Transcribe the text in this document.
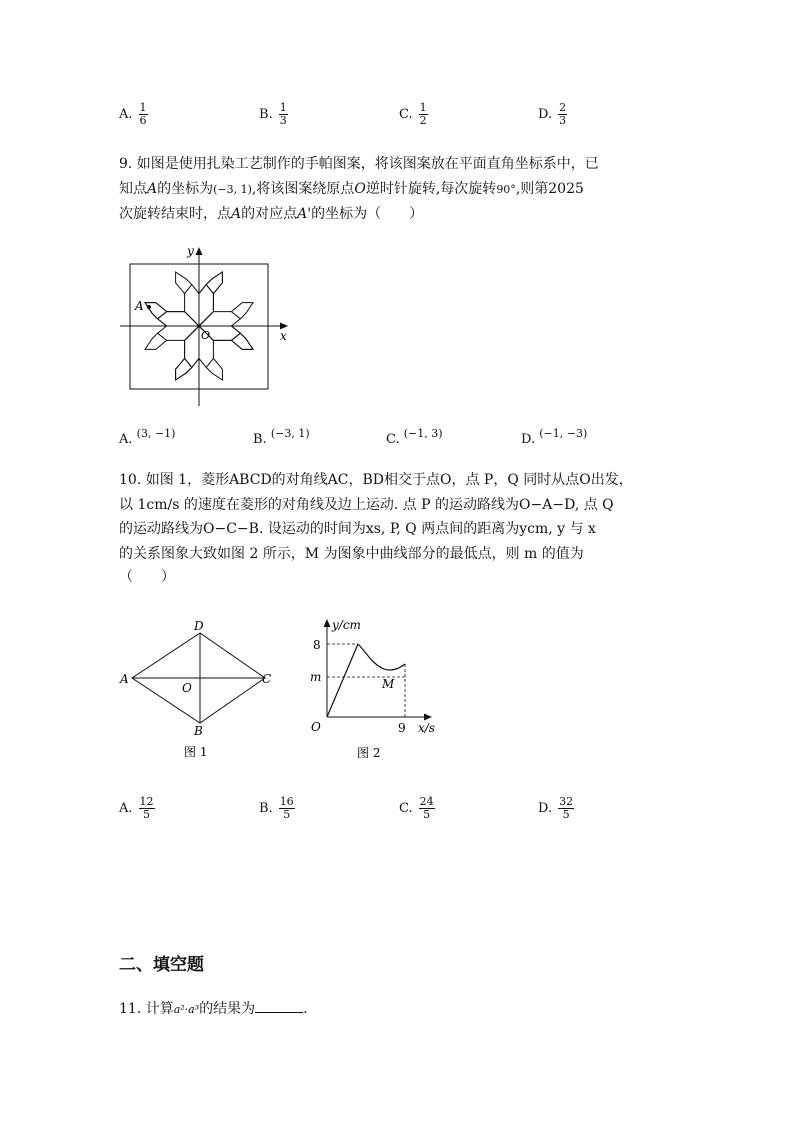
A. $\frac{1}{6}$	B. $\frac{1}{3}$	C. $\frac{1}{2}$	D. $\frac{2}{3}$
9. 如图是使用扎染工艺制作的手帕图案，将该图案放在平面直角坐标系中，已
知点A的坐标为(−3, 1),将该图案绕原点O逆时针旋转,每次旋转90°,则第2025
次旋转结束时，点A的对应点A'的坐标为（　　）
y
x
O
A
A. $^{(3, -1)}$	B. $^{(-3, 1)}$	C. $^{(-1, 3)}$	D. $^{(-1, -3)}$
10. 如图 1，菱形ABCD的对角线AC，BD相交于点O，点 P，Q 同时从点O出发，
以 1cm/s 的速度在菱形的对角线及边上运动. 点 P 的运动路线为O−A−D, 点 Q
的运动路线为O−C−B. 设运动的时间为xs, P, Q 两点间的距离为ycm, y 与 x
的关系图象大致如图 2 所示，M 为图象中曲线部分的最低点，则 m 的值为
（　　）
D
A	C
B
O
图 1
y/cm
x/s
8
m
9
O
M
图 2
A. $\frac{12}{5}$	B. $\frac{16}{5}$	C. $\frac{24}{5}$	D. $\frac{32}{5}$
二、填空题
11. 计算a²·a³的结果为	.
